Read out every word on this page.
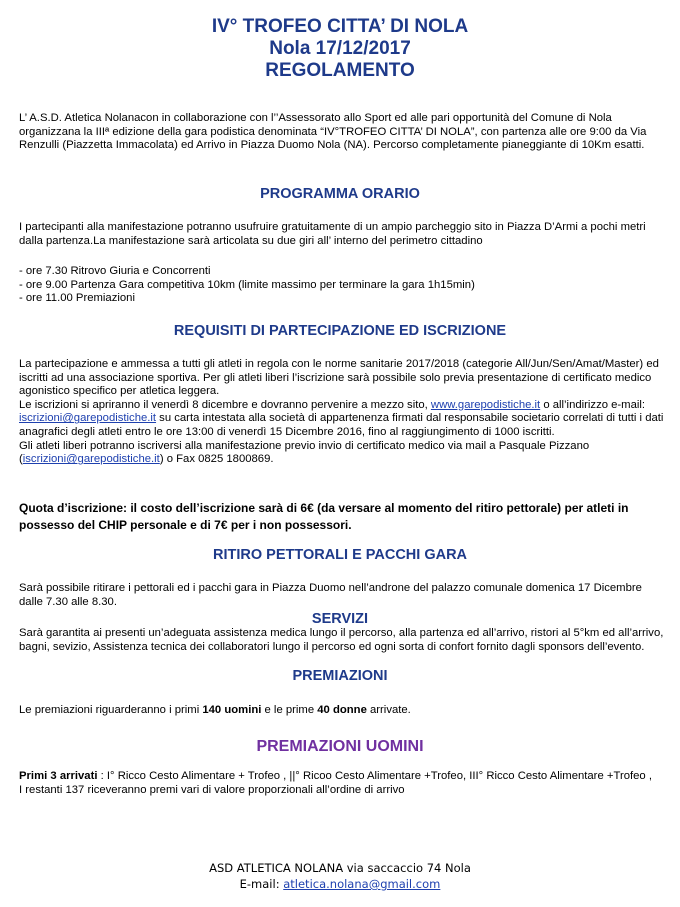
IV° TROFEO CITTA’ DI NOLA
Nola 17/12/2017
REGOLAMENTO
L’ A.S.D. Atletica Nolanacon in collaborazione con l’’Assessorato allo Sport ed alle pari opportunità del Comune di Nola organizzana la IIIª edizione della gara podistica denominata “IV°TROFEO CITTA’ DI NOLA”, con partenza alle ore 9:00 da Via Renzulli (Piazzetta Immacolata) ed Arrivo in Piazza Duomo Nola (NA). Percorso completamente pianeggiante di 10Km esatti.
PROGRAMMA ORARIO
I partecipanti alla manifestazione potranno usufruire gratuitamente di un ampio parcheggio sito in Piazza D’Armi a pochi metri dalla partenza.La manifestazione sarà articolata su due giri all’ interno del perimetro cittadino
- ore 7.30 Ritrovo Giuria e Concorrenti
- ore 9.00 Partenza Gara competitiva 10km (limite massimo per terminare la gara 1h15min)
- ore 11.00 Premiazioni
REQUISITI DI PARTECIPAZIONE ED ISCRIZIONE
La partecipazione e ammessa a tutti gli atleti in regola con le norme sanitarie 2017/2018 (categorie All/Jun/Sen/Amat/Master) ed iscritti ad una associazione sportiva. Per gli atleti liberi l’iscrizione sarà possibile solo previa presentazione di certificato medico agonistico specifico per atletica leggera.
Le iscrizioni si apriranno il venerdì 8 dicembre e dovranno pervenire a mezzo sito, www.garepodistiche.it o all’indirizzo e-mail: iscrizioni@garepodistiche.it su carta intestata alla società di appartenenza firmati dal responsabile societario correlati di tutti i dati anagrafici degli atleti entro le ore 13:00 di venerdì 15 Dicembre 2016, fino al raggiungimento di 1000 iscritti.
Gli atleti liberi potranno iscriversi alla manifestazione previo invio di certificato medico via mail a Pasquale Pizzano (iscrizioni@garepodistiche.it) o Fax 0825 1800869.
Quota d’iscrizione: il costo dell’iscrizione sarà di 6€ (da versare al momento del ritiro pettorale) per atleti in possesso del CHIP personale e di 7€ per i non possessori.
RITIRO PETTORALI E PACCHI GARA
Sarà possibile ritirare i pettorali ed i pacchi gara in Piazza Duomo nell’androne del palazzo comunale domenica 17 Dicembre dalle 7.30 alle 8.30.
SERVIZI
Sarà garantita ai presenti un’adeguata assistenza medica lungo il percorso, alla partenza ed all’arrivo, ristori al 5°km ed all’arrivo, bagni, sevizio, Assistenza tecnica dei collaboratori lungo il percorso ed ogni sorta di confort fornito dagli sponsors dell’evento.
PREMIAZIONI
Le premiazioni riguarderanno i primi 140 uomini e le prime 40 donne arrivate.
PREMIAZIONI UOMINI
Primi 3 arrivati : I° Ricco Cesto Alimentare + Trofeo , ||° Ricoo Cesto Alimentare +Trofeo, III° Ricco Cesto Alimentare +Trofeo ,
I restanti 137 riceveranno premi vari di valore proporzionali all’ordine di arrivo
ASD ATLETICA NOLANA via saccaccio 74 Nola
E-mail: atletica.nolana@gmail.com
